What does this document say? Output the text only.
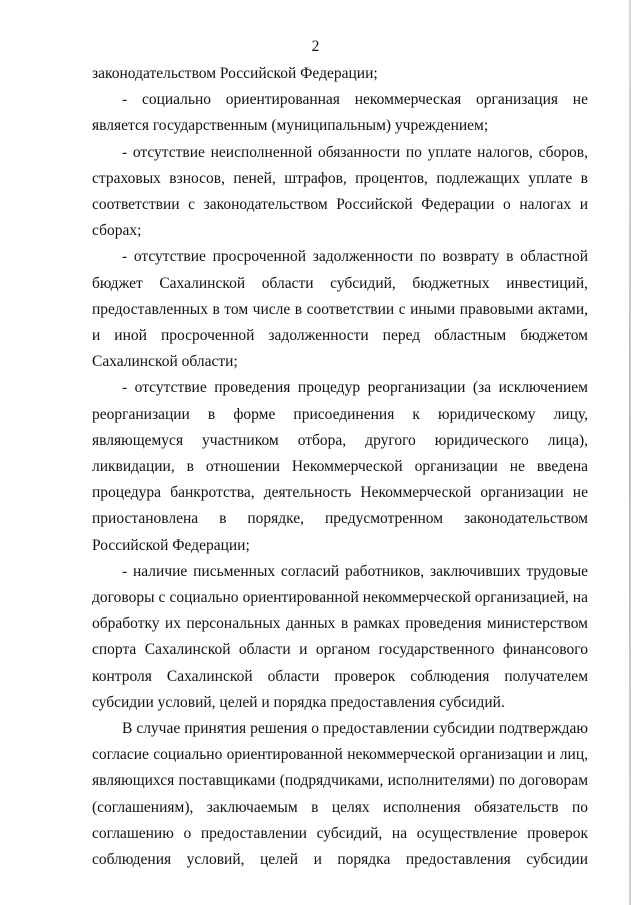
2

законодательством Российской Федерации;

- социально ориентированная некоммерческая организация не является государственным (муниципальным) учреждением;

- отсутствие неисполненной обязанности по уплате налогов, сборов, страховых взносов, пеней, штрафов, процентов, подлежащих уплате в соответствии с законодательством Российской Федерации о налогах и сборах;

- отсутствие просроченной задолженности по возврату в областной бюджет Сахалинской области субсидий, бюджетных инвестиций, предоставленных в том числе в соответствии с иными правовыми актами, и иной просроченной задолженности перед областным бюджетом Сахалинской области;

- отсутствие проведения процедур реорганизации (за исключением реорганизации в форме присоединения к юридическому лицу, являющемуся участником отбора, другого юридического лица), ликвидации, в отношении Некоммерческой организации не введена процедура банкротства, деятельность Некоммерческой организации не приостановлена в порядке, предусмотренном законодательством Российской Федерации;

- наличие письменных согласий работников, заключивших трудовые договоры с социально ориентированной некоммерческой организацией, на обработку их персональных данных в рамках проведения министерством спорта Сахалинской области и органом государственного финансового контроля Сахалинской области проверок соблюдения получателем субсидии условий, целей и порядка предоставления субсидий.

В случае принятия решения о предоставлении субсидии подтверждаю согласие социально ориентированной некоммерческой организации и лиц, являющихся поставщиками (подрядчиками, исполнителями) по договорам (соглашениям), заключаемым в целях исполнения обязательств по соглашению о предоставлении субсидий, на осуществление проверок соблюдения условий, целей и порядка предоставления субсидии
